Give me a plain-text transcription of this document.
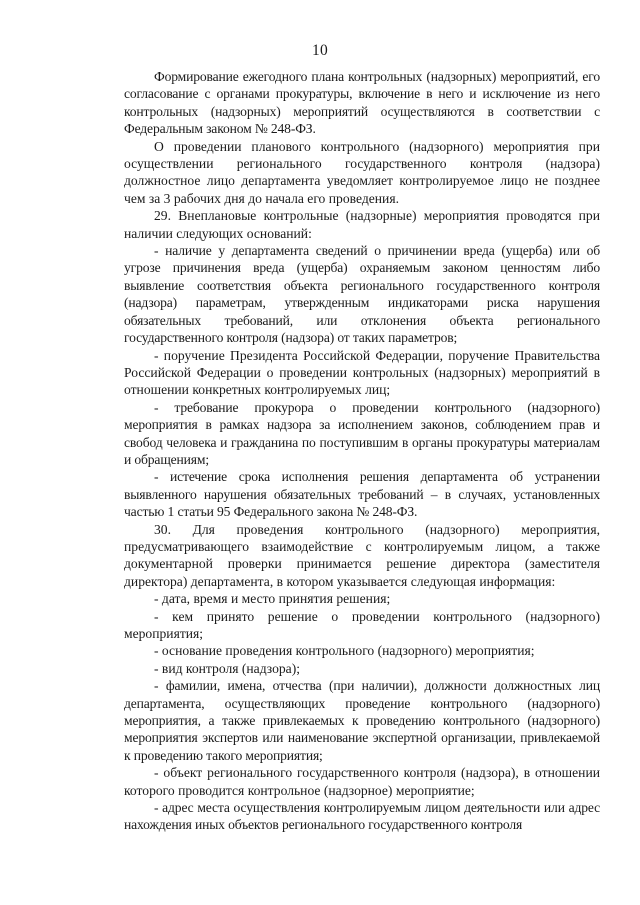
10

Формирование ежегодного плана контрольных (надзорных) мероприятий, его согласование с органами прокуратуры, включение в него и исключение из него контрольных (надзорных) мероприятий осуществляются в соответствии с Федеральным законом № 248-ФЗ.

О проведении планового контрольного (надзорного) мероприятия при осуществлении регионального государственного контроля (надзора) должностное лицо департамента уведомляет контролируемое лицо не позднее чем за 3 рабочих дня до начала его проведения.

29. Внеплановые контрольные (надзорные) мероприятия проводятся при наличии следующих оснований:

- наличие у департамента сведений о причинении вреда (ущерба) или об угрозе причинения вреда (ущерба) охраняемым законом ценностям либо выявление соответствия объекта регионального государственного контроля (надзора) параметрам, утвержденным индикаторами риска нарушения обязательных требований, или отклонения объекта регионального государственного контроля (надзора) от таких параметров;

- поручение Президента Российской Федерации, поручение Правительства Российской Федерации о проведении контрольных (надзорных) мероприятий в отношении конкретных контролируемых лиц;

- требование прокурора о проведении контрольного (надзорного) мероприятия в рамках надзора за исполнением законов, соблюдением прав и свобод человека и гражданина по поступившим в органы прокуратуры материалам и обращениям;

- истечение срока исполнения решения департамента об устранении выявленного нарушения обязательных требований – в случаях, установленных частью 1 статьи 95 Федерального закона № 248-ФЗ.

30. Для проведения контрольного (надзорного) мероприятия, предусматривающего взаимодействие с контролируемым лицом, а также документарной проверки принимается решение директора (заместителя директора) департамента, в котором указывается следующая информация:

- дата, время и место принятия решения;

- кем принято решение о проведении контрольного (надзорного) мероприятия;

- основание проведения контрольного (надзорного) мероприятия;

- вид контроля (надзора);

- фамилии, имена, отчества (при наличии), должности должностных лиц департамента, осуществляющих проведение контрольного (надзорного) мероприятия, а также привлекаемых к проведению контрольного (надзорного) мероприятия экспертов или наименование экспертной организации, привлекаемой к проведению такого мероприятия;

- объект регионального государственного контроля (надзора), в отношении которого проводится контрольное (надзорное) мероприятие;

- адрес места осуществления контролируемым лицом деятельности или адрес нахождения иных объектов регионального государственного контроля
